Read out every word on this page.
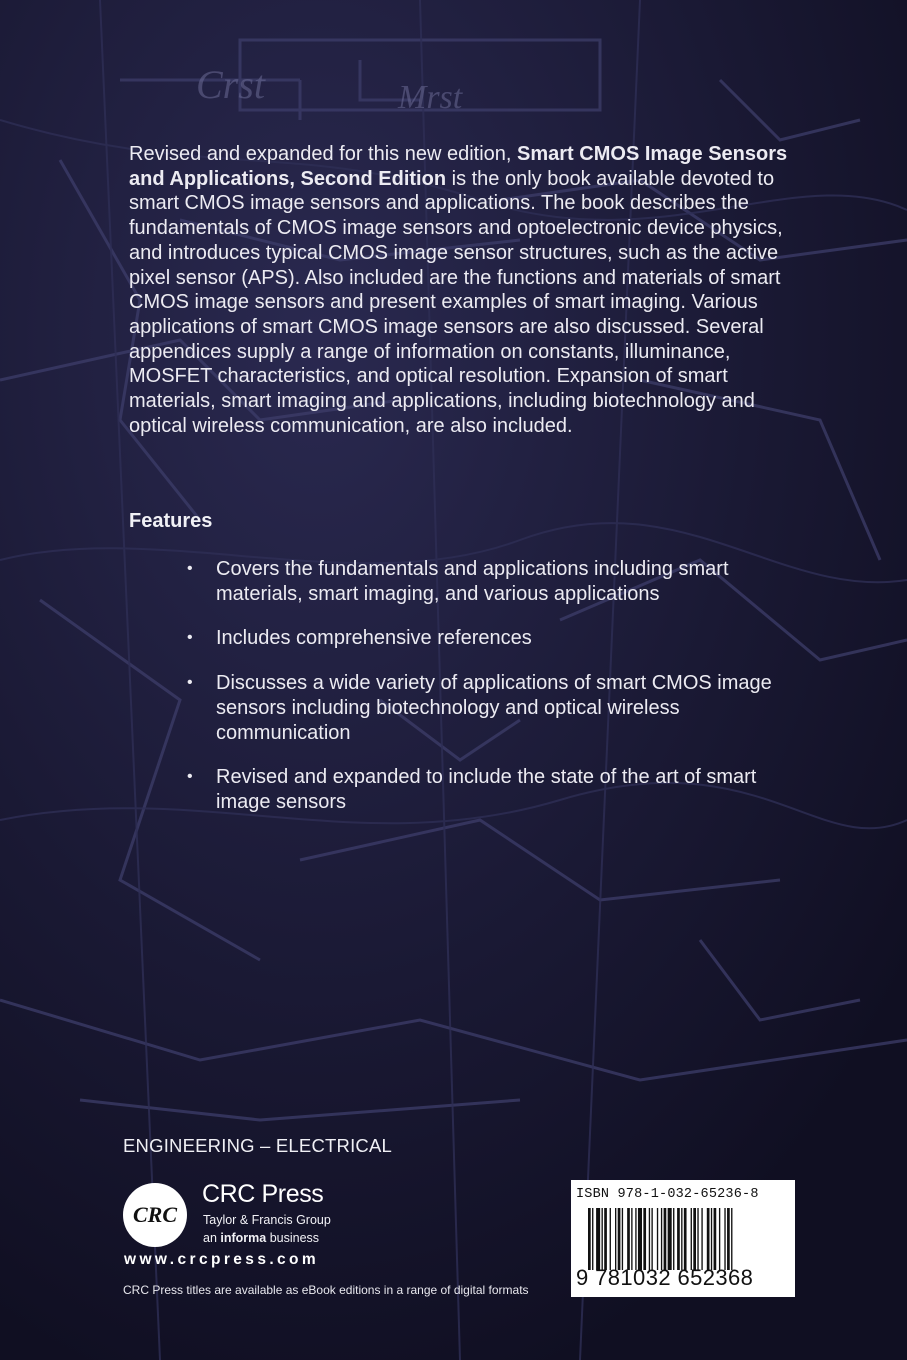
Crst	Mrst

Revised and expanded for this new edition, Smart CMOS Image Sensors and Applications, Second Edition is the only book available devoted to smart CMOS image sensors and applications. The book describes the fundamentals of CMOS image sensors and optoelectronic device physics, and introduces typical CMOS image sensor structures, such as the active pixel sensor (APS). Also included are the functions and materials of smart CMOS image sensors and present examples of smart imaging. Various applications of smart CMOS image sensors are also discussed. Several appendices supply a range of information on constants, illuminance, MOSFET characteristics, and optical resolution. Expansion of smart materials, smart imaging and applications, including biotechnology and optical wireless communication, are also included.

Features
• Covers the fundamentals and applications including smart materials, smart imaging, and various applications
• Includes comprehensive references
• Discusses a wide variety of applications of smart CMOS image sensors including biotechnology and optical wireless communication
• Revised and expanded to include the state of the art of smart image sensors
ENGINEERING – ELECTRICAL
CRC
CRC Press
Taylor & Francis Group
an informa business
www.crcpress.com
CRC Press titles are available as eBook editions in a range of digital formats
ISBN 978-1-032-65236-8
9 781032 652368
